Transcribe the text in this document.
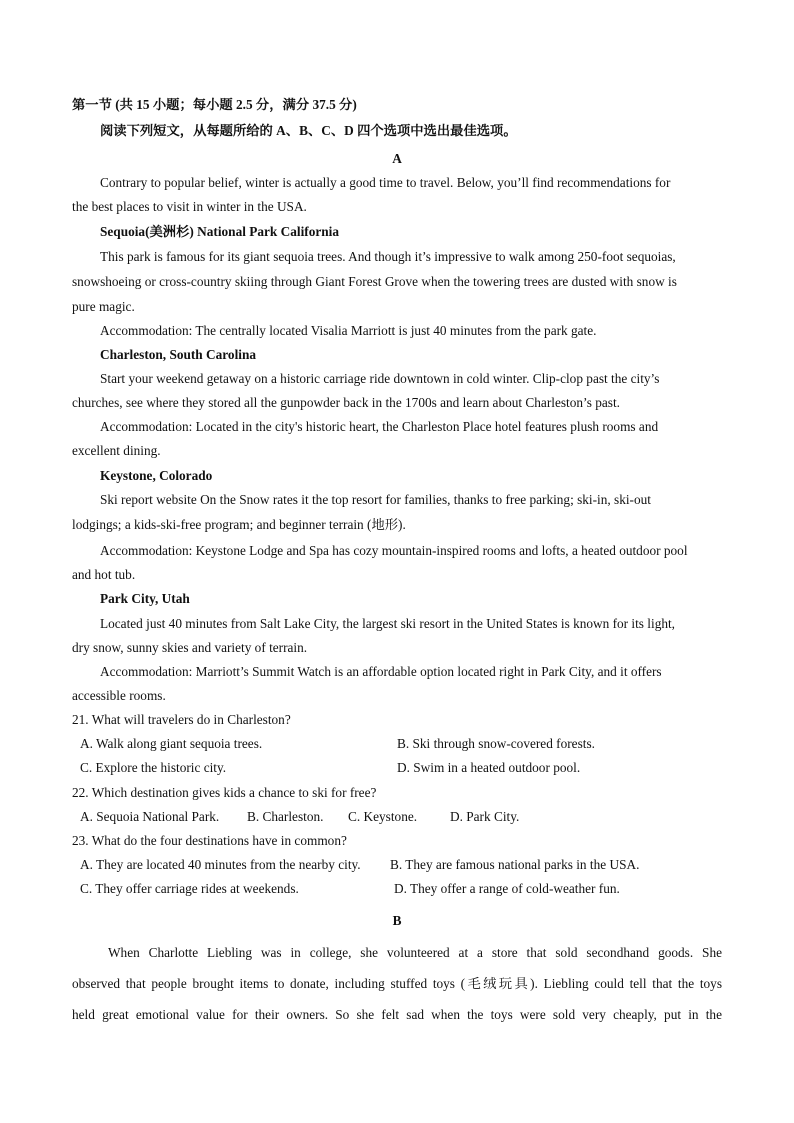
第一节 (共 15 小题；每小题 2.5 分，满分 37.5 分)
阅读下列短文，从每题所给的 A、B、C、D 四个选项中选出最佳选项。
A
Contrary to popular belief, winter is actually a good time to travel. Below, you’ll find recommendations for
the best places to visit in winter in the USA.
Sequoia(美洲杉) National Park California
This park is famous for its giant sequoia trees. And though it’s impressive to walk among 250-foot sequoias,
snowshoeing or cross-country skiing through Giant Forest Grove when the towering trees are dusted with snow is
pure magic.
Accommodation: The centrally located Visalia Marriott is just 40 minutes from the park gate.
Charleston, South Carolina
Start your weekend getaway on a historic carriage ride downtown in cold winter. Clip-clop past the city’s
churches, see where they stored all the gunpowder back in the 1700s and learn about Charleston’s past.
Accommodation: Located in the city's historic heart, the Charleston Place hotel features plush rooms and
excellent dining.
Keystone, Colorado
Ski report website On the Snow rates it the top resort for families, thanks to free parking; ski-in, ski-out
lodgings; a kids-ski-free program; and beginner terrain (地形).
Accommodation: Keystone Lodge and Spa has cozy mountain-inspired rooms and lofts, a heated outdoor pool
and hot tub.
Park City, Utah
Located just 40 minutes from Salt Lake City, the largest ski resort in the United States is known for its light,
dry snow, sunny skies and variety of terrain.
Accommodation: Marriott’s Summit Watch is an affordable option located right in Park City, and it offers
accessible rooms.
21. What will travelers do in Charleston?
A. Walk along giant sequoia trees.	B. Ski through snow-covered forests.
C. Explore the historic city.	D. Swim in a heated outdoor pool.
22. Which destination gives kids a chance to ski for free?
A. Sequoia National Park. B. Charleston. C. Keystone. D. Park City.
23. What do the four destinations have in common?
A. They are located 40 minutes from the nearby city. B. They are famous national parks in the USA.
C. They offer carriage rides at weekends.	D. They offer a range of cold-weather fun.
B
When Charlotte Liebling was in college, she volunteered at a store that sold secondhand goods. She
observed that people brought items to donate, including stuffed toys (毛绒玩具). Liebling could tell that the toys
held great emotional value for their owners. So she felt sad when the toys were sold very cheaply, put in the
